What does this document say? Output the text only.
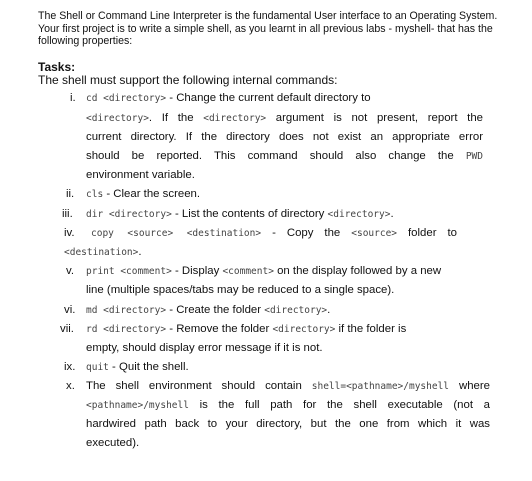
The Shell or Command Line Interpreter is the fundamental User interface to an Operating System. Your first project is to write a simple shell, as you learnt in all previous labs - myshell- that has the following properties:
Tasks:
The shell must support the following internal commands:
i. cd <directory> - Change the current default directory to
<directory>. If the <directory> argument is not present, report the
current directory. If the directory does not exist an appropriate error
should be reported. This command should also change the PWD
environment variable.
ii. cls - Clear the screen.
iii. dir <directory> - List the contents of directory <directory>.
iv. copy <source> <destination> - Copy the <source> folder to
<destination>.
v. print <comment> - Display <comment> on the display followed by a new
line (multiple spaces/tabs may be reduced to a single space).
vi. md <directory> - Create the folder <directory>.
vii. rd <directory> - Remove the folder <directory> if the folder is
empty, should display error message if it is not.
ix. quit - Quit the shell.
x. The shell environment should contain shell=<pathname>/myshell where
<pathname>/myshell is the full path for the shell executable (not a
hardwired path back to your directory, but the one from which it was
executed).
